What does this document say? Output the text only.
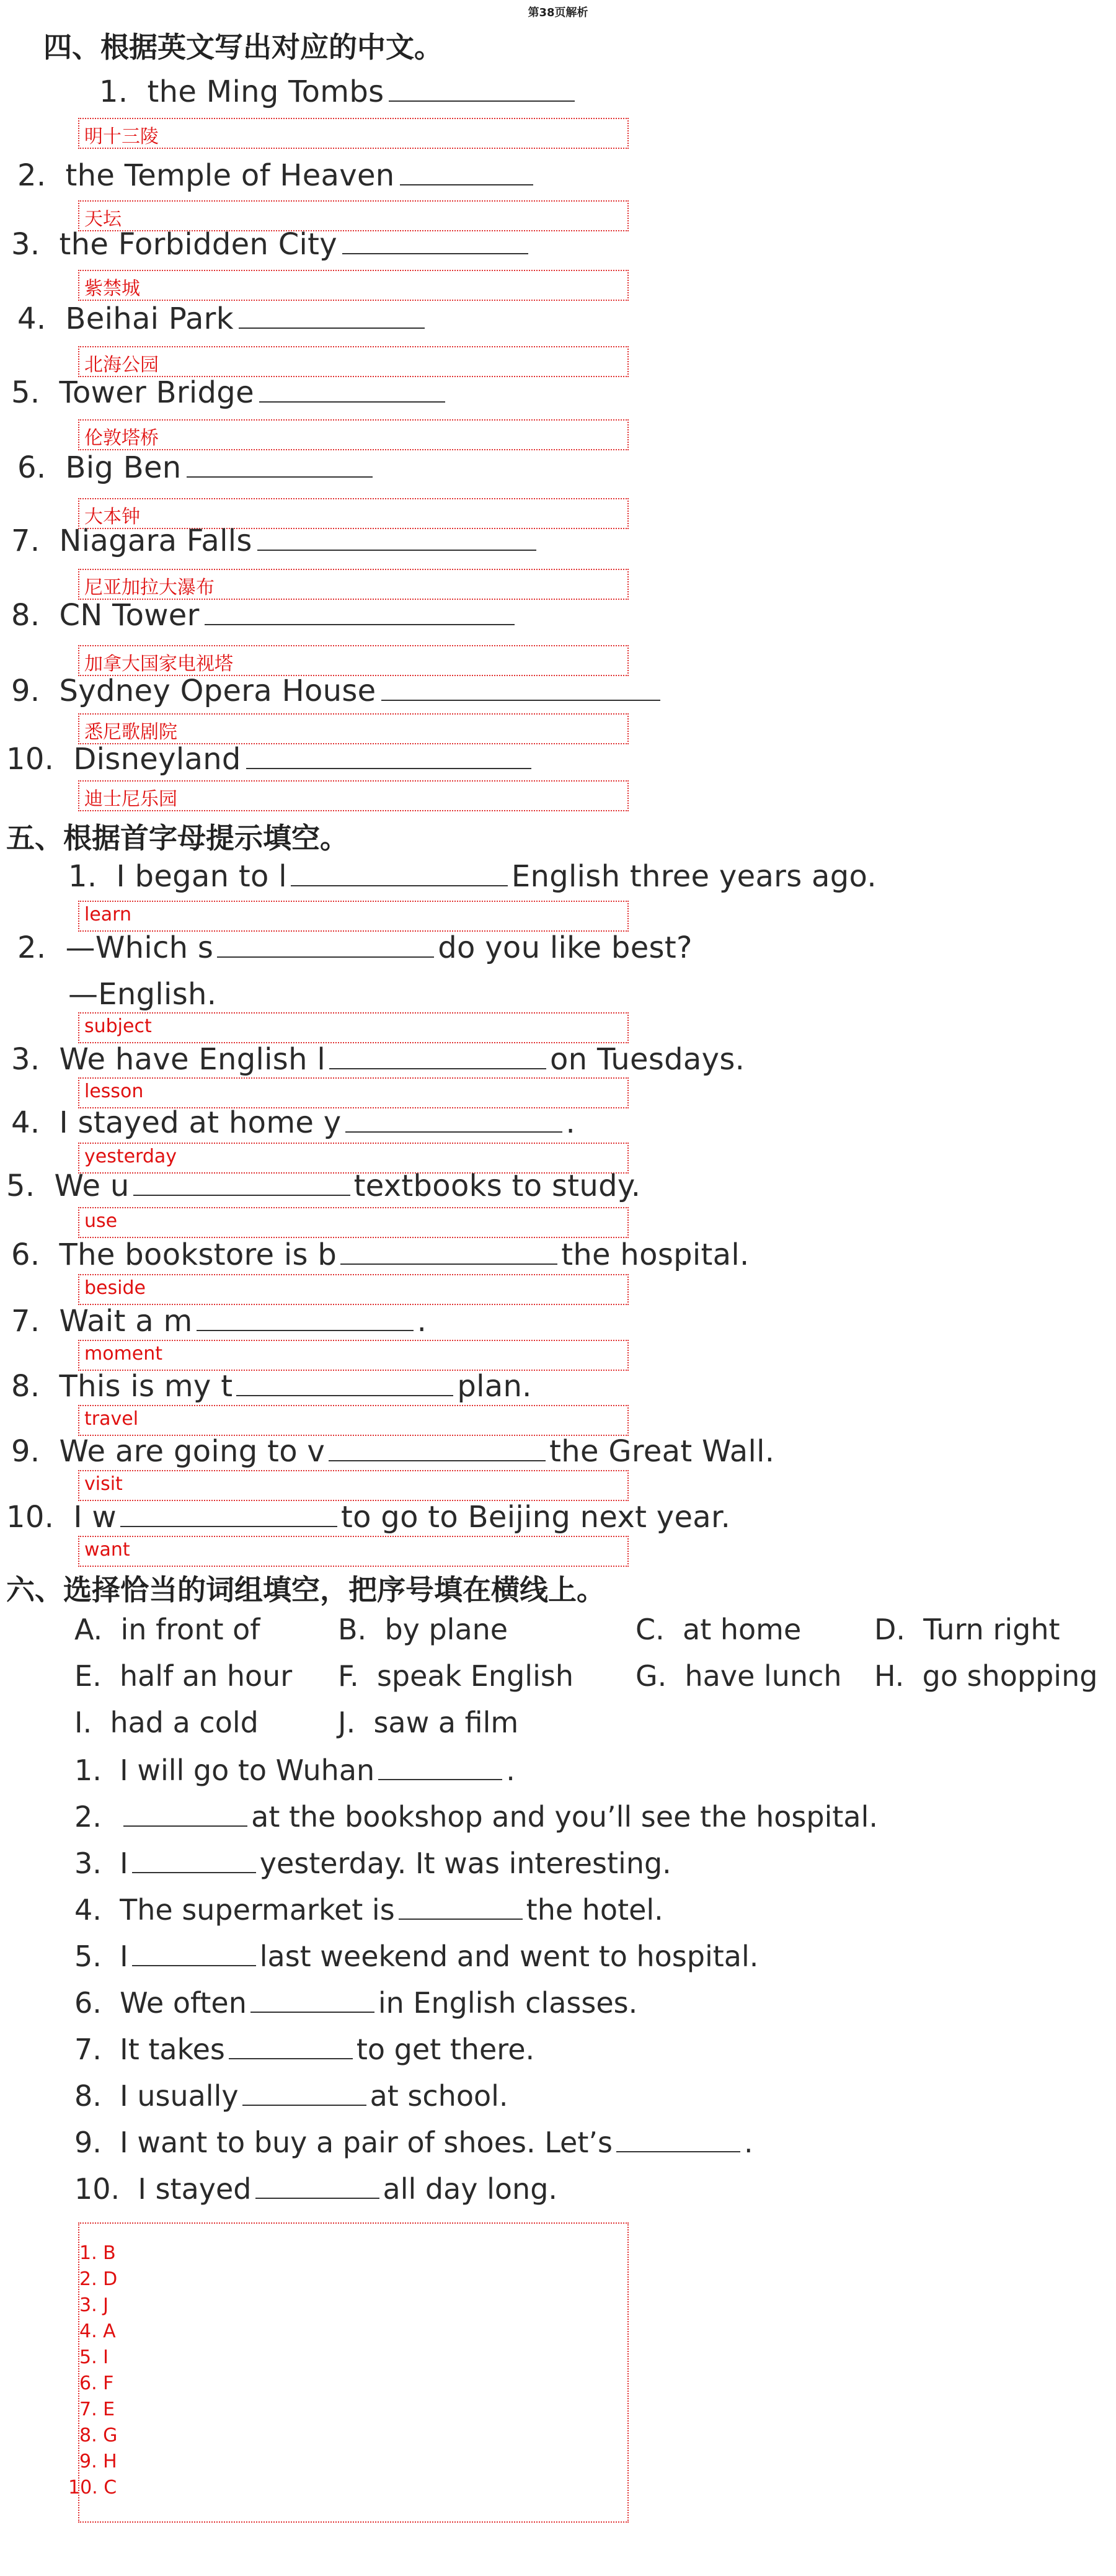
第38页解析
四、根据英文写出对应的中文。
1. the Ming Tombs
明十三陵
2. the Temple of Heaven
天坛
3. the Forbidden City
紫禁城
4. Beihai Park
北海公园
5. Tower Bridge
伦敦塔桥
6. Big Ben
大本钟
7. Niagara Falls
尼亚加拉大瀑布
8. CN Tower
加拿大国家电视塔
9. Sydney Opera House
悉尼歌剧院
10. Disneyland
迪士尼乐园
五、根据首字母提示填空。
1. I began to l	English three years ago.
learn
2. —Which s	do you like best?
—English.
subject
3. We have English l	on Tuesdays.
lesson
4. I stayed at home y	.
yesterday
5. We u	textbooks to study.
use
6. The bookstore is b	the hospital.
beside
7. Wait a m	.
moment
8. This is my t	plan.
travel
9. We are going to v	the Great Wall.
visit
10. I w	to go to Beijing next year.
want
六、选择恰当的词组填空，把序号填在横线上。
A. in front of	B. by plane	C. at home	D. Turn right
E. half an hour F. speak English G. have lunch H. go shopping
I. had a cold	J. saw a film
1. I will go to Wuhan	.
2.	at the bookshop and you’ll see the hospital.
3. I	yesterday. It was interesting.
4. The supermarket is	the hotel.
5. I	last weekend and went to hospital.
6. We often	in English classes.
7. It takes	to get there.
8. I usually	at school.
9. I want to buy a pair of shoes. Let’s	.
10. I stayed	all day long.
1. B
2. D
3. J
4. A
5. I
6. F
7. E
8. G
9. H
10. C
